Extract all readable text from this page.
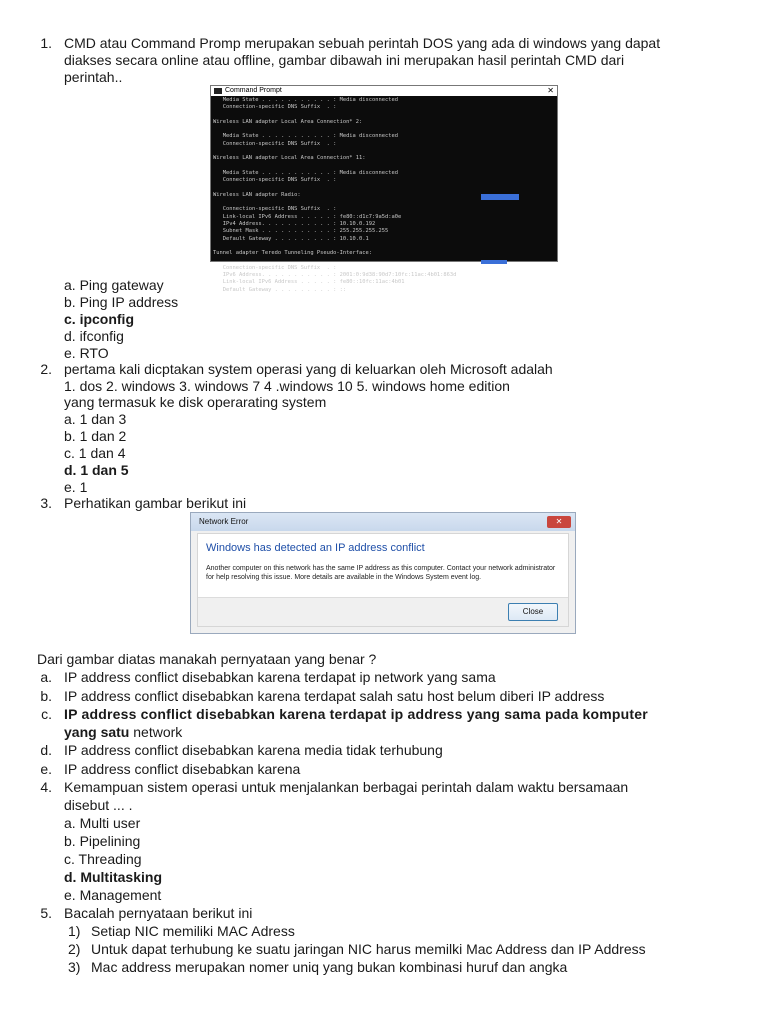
1. CMD atau Command Promp merupakan sebuah perintah DOS yang ada di windows yang dapat
diakses secara online atau offline, gambar dibawah ini merupakan hasil perintah CMD dari
perintah..
Command Prompt	✕
Media State . . . . . . . . . . . : Media disconnected
Connection-specific DNS Suffix  . :

Wireless LAN adapter Local Area Connection* 2:

Media State . . . . . . . . . . . : Media disconnected
Connection-specific DNS Suffix  . :

Wireless LAN adapter Local Area Connection* 11:

Media State . . . . . . . . . . . : Media disconnected
Connection-specific DNS Suffix  . :

Wireless LAN adapter Radio:

Connection-specific DNS Suffix  . :
Link-local IPv6 Address . . . . . : fe80::d1c7:9a5d:a0e
IPv4 Address. . . . . . . . . . . : 10.10.0.192
Subnet Mask . . . . . . . . . . . : 255.255.255.255
Default Gateway . . . . . . . . . : 10.10.0.1

Tunnel adapter Teredo Tunneling Pseudo-Interface:

Connection-specific DNS Suffix  . :
IPv6 Address. . . . . . . . . . . : 2001:0:9d38:90d7:10fc:11ac:4b01:863d
Link-local IPv6 Address . . . . . : fe80::10fc:11ac:4b01
Default Gateway . . . . . . . . . : ::
a. Ping gateway
b. Ping IP address
c. ipconfig
d. ifconfig
e. RTO
2. pertama kali dicptakan system operasi yang di keluarkan oleh Microsoft adalah
1. dos 2. windows 3. windows 7 4 .windows 10 5. windows home edition
yang termasuk ke disk operarating system
a. 1 dan 3
b. 1 dan 2
c. 1 dan 4
d. 1 dan 5
e. 1
3. Perhatikan gambar berikut ini
Network Error	✕
Windows has detected an IP address conflict
Another computer on this network has the same IP address as this computer. Contact your network administrator for help resolving this issue. More details are available in the Windows System event log.
Close
Dari gambar diatas manakah pernyataan yang benar ?
a. IP address conflict disebabkan karena terdapat ip network yang sama
b. IP address conflict disebabkan karena terdapat salah satu host belum diberi IP address
c. IP address conflict disebabkan karena terdapat ip address yang sama pada komputer
yang satu network
d. IP address conflict disebabkan karena media tidak terhubung
e. IP address conflict disebabkan karena
4. Kemampuan sistem operasi untuk menjalankan berbagai perintah dalam waktu bersamaan
disebut ... .
a. Multi user
b. Pipelining
c. Threading
d. Multitasking
e. Management
5. Bacalah pernyataan berikut ini
1) Setiap NIC memiliki MAC Adress
2) Untuk dapat terhubung ke suatu jaringan NIC harus memilki Mac Address dan IP Address
3) Mac address merupakan nomer uniq yang bukan kombinasi huruf dan angka
